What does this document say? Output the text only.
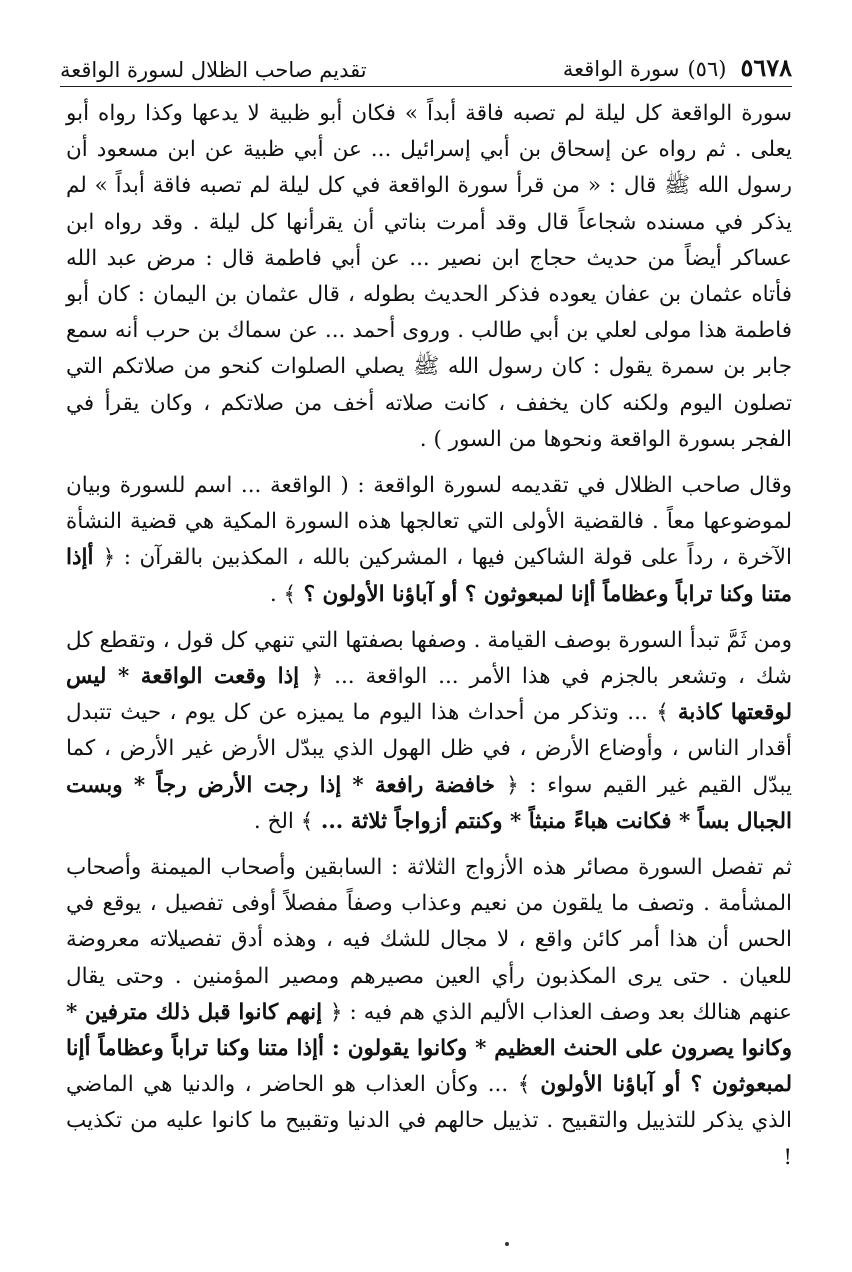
٥٦٧٨
(٥٦)
سورة الواقعة
تقديم صاحب الظلال لسورة الواقعة

سورة الواقعة كل ليلة لم تصبه فاقة أبداً » فكان أبو ظبية لا يدعها وكذا رواه أبو يعلى . ثم رواه عن إسحاق بن أبي إسرائيل ... عن أبي ظبية عن ابن مسعود أن رسول الله ﷺ قال : « من قرأ سورة الواقعة في كل ليلة لم تصبه فاقة أبداً » لم يذكر في مسنده شجاعاً قال وقد أمرت بناتي أن يقرأنها كل ليلة . وقد رواه ابن عساكر أيضاً من حديث حجاج ابن نصير ... عن أبي فاطمة قال : مرض عبد الله فأتاه عثمان بن عفان يعوده فذكر الحديث بطوله ، قال عثمان بن اليمان : كان أبو فاطمة هذا مولى لعلي بن أبي طالب . وروى أحمد ... عن سماك بن حرب أنه سمع جابر بن سمرة يقول : كان رسول الله ﷺ يصلي الصلوات كنحو من صلاتكم التي تصلون اليوم ولكنه كان يخفف ، كانت صلاته أخف من صلاتكم ، وكان يقرأ في الفجر بسورة الواقعة ونحوها من السور ) .

وقال صاحب الظلال في تقديمه لسورة الواقعة : ( الواقعة ... اسم للسورة وبيان لموضوعها معاً . فالقضية الأولى التي تعالجها هذه السورة المكية هي قضية النشأة الآخرة ، رداً على قولة الشاكين فيها ، المشركين بالله ، المكذبين بالقرآن : ﴿ أإذا متنا وكنا تراباً وعظاماً أإنا لمبعوثون ؟ أو آباؤنا الأولون ؟ ﴾ .

ومن ثَمَّ تبدأ السورة بوصف القيامة . وصفها بصفتها التي تنهي كل قول ، وتقطع كل شك ، وتشعر بالجزم في هذا الأمر ... الواقعة ... ﴿ إذا وقعت الواقعة * ليس لوقعتها كاذبة ﴾ ... وتذكر من أحداث هذا اليوم ما يميزه عن كل يوم ، حيث تتبدل أقدار الناس ، وأوضاع الأرض ، في ظل الهول الذي يبدّل الأرض غير الأرض ، كما يبدّل القيم غير القيم سواء : ﴿ خافضة رافعة * إذا رجت الأرض رجاً * وبست الجبال بساً * فكانت هباءً منبثاً * وكنتم أزواجاً ثلاثة ... ﴾ الخ .

ثم تفصل السورة مصائر هذه الأزواج الثلاثة : السابقين وأصحاب الميمنة وأصحاب المشأمة . وتصف ما يلقون من نعيم وعذاب وصفاً مفصلاً أوفى تفصيل ، يوقع في الحس أن هذا أمر كائن واقع ، لا مجال للشك فيه ، وهذه أدق تفصيلاته معروضة للعيان . حتى يرى المكذبون رأي العين مصيرهم ومصير المؤمنين . وحتى يقال عنهم هنالك بعد وصف العذاب الأليم الذي هم فيه : ﴿ إنهم كانوا قبل ذلك مترفين * وكانوا يصرون على الحنث العظيم * وكانوا يقولون : أإذا متنا وكنا تراباً وعظاماً أإنا لمبعوثون ؟ أو آباؤنا الأولون ﴾ ... وكأن العذاب هو الحاضر ، والدنيا هي الماضي الذي يذكر للتذييل والتقبيح . تذييل حالهم في الدنيا وتقبيح ما كانوا عليه من تكذيب !
